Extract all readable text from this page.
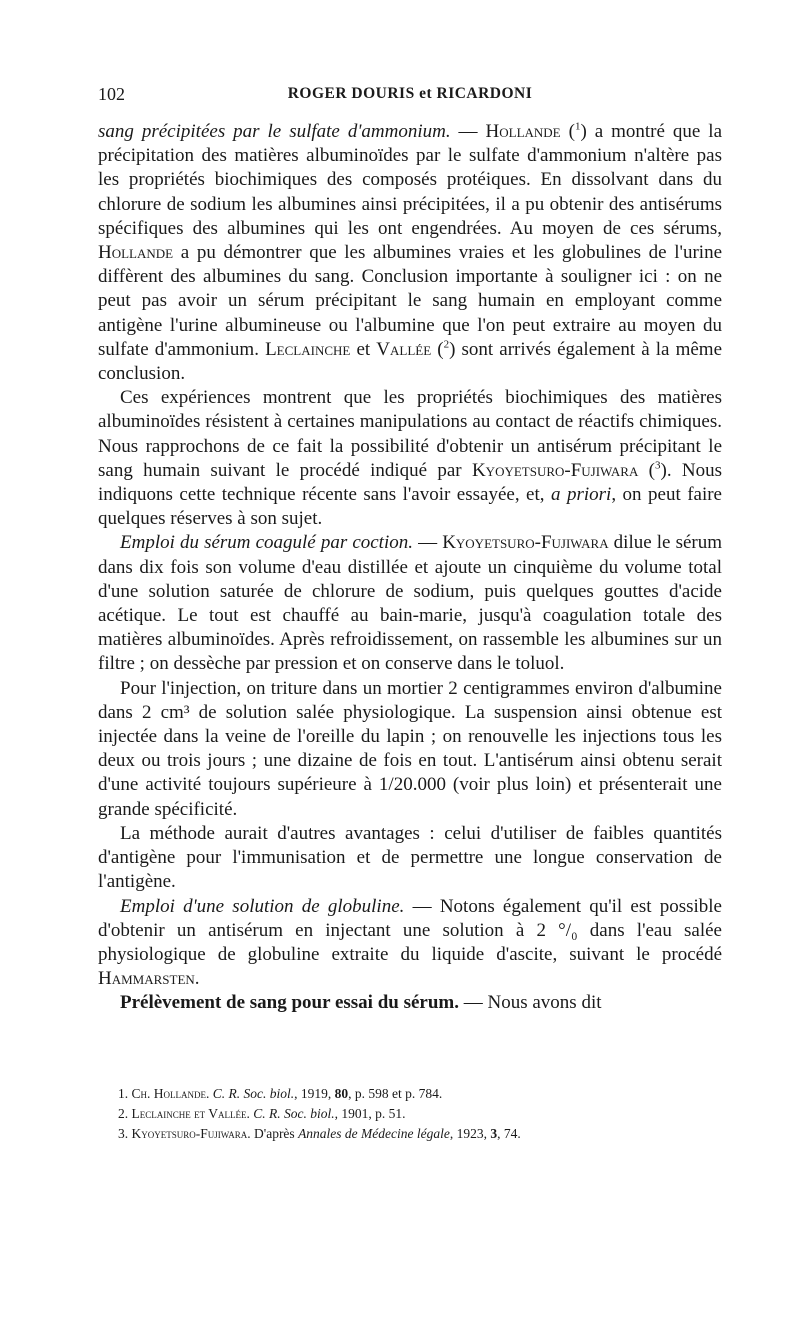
102	ROGER DOURIS et RICARDONI

sang précipitées par le sulfate d'ammonium. — Hollande ($^1$) a montré que la précipitation des matières albuminoïdes par le sulfate d'ammonium n'altère pas les propriétés biochimiques des composés protéiques. En dissolvant dans du chlorure de sodium les albumines ainsi précipitées, il a pu obtenir des antisérums spécifiques des albumines qui les ont engendrées. Au moyen de ces sérums, Hollande a pu démontrer que les albumines vraies et les globulines de l'urine diffèrent des albumines du sang. Conclusion importante à souligner ici : on ne peut pas avoir un sérum précipitant le sang humain en employant comme antigène l'urine albumineuse ou l'albumine que l'on peut extraire au moyen du sulfate d'ammonium. Leclainche et Vallée ($^2$) sont arrivés également à la même conclusion.

Ces expériences montrent que les propriétés biochimiques des matières albuminoïdes résistent à certaines manipulations au contact de réactifs chimiques. Nous rapprochons de ce fait la possibilité d'obtenir un antisérum précipitant le sang humain suivant le procédé indiqué par Kyoyetsuro-Fujiwara ($^3$). Nous indiquons cette technique récente sans l'avoir essayée, et, a priori, on peut faire quelques réserves à son sujet.

Emploi du sérum coagulé par coction. — Kyoyetsuro-Fujiwara dilue le sérum dans dix fois son volume d'eau distillée et ajoute un cinquième du volume total d'une solution saturée de chlorure de sodium, puis quelques gouttes d'acide acétique. Le tout est chauffé au bain-marie, jusqu'à coagulation totale des matières albuminoïdes. Après refroidissement, on rassemble les albumines sur un filtre ; on dessèche par pression et on conserve dans le toluol.

Pour l'injection, on triture dans un mortier 2 centigrammes environ d'albumine dans 2 cm³ de solution salée physiologique. La suspension ainsi obtenue est injectée dans la veine de l'oreille du lapin ; on renouvelle les injections tous les deux ou trois jours ; une dizaine de fois en tout. L'antisérum ainsi obtenu serait d'une activité toujours supérieure à 1/20.000 (voir plus loin) et présenterait une grande spécificité.

La méthode aurait d'autres avantages : celui d'utiliser de faibles quantités d'antigène pour l'immunisation et de permettre une longue conservation de l'antigène.

Emploi d'une solution de globuline. — Notons également qu'il est possible d'obtenir un antisérum en injectant une solution à 2 °/₀ dans l'eau salée physiologique de globuline extraite du liquide d'ascite, suivant le procédé Hammarsten.

Prélèvement de sang pour essai du sérum. — Nous avons dit

1. Ch. Hollande. C. R. Soc. biol., 1919, 80, p. 598 et p. 784.
2. Leclainche et Vallée. C. R. Soc. biol., 1901, p. 51.
3. Kyoyetsuro-Fujiwara. D'après Annales de Médecine légale, 1923, 3, 74.
